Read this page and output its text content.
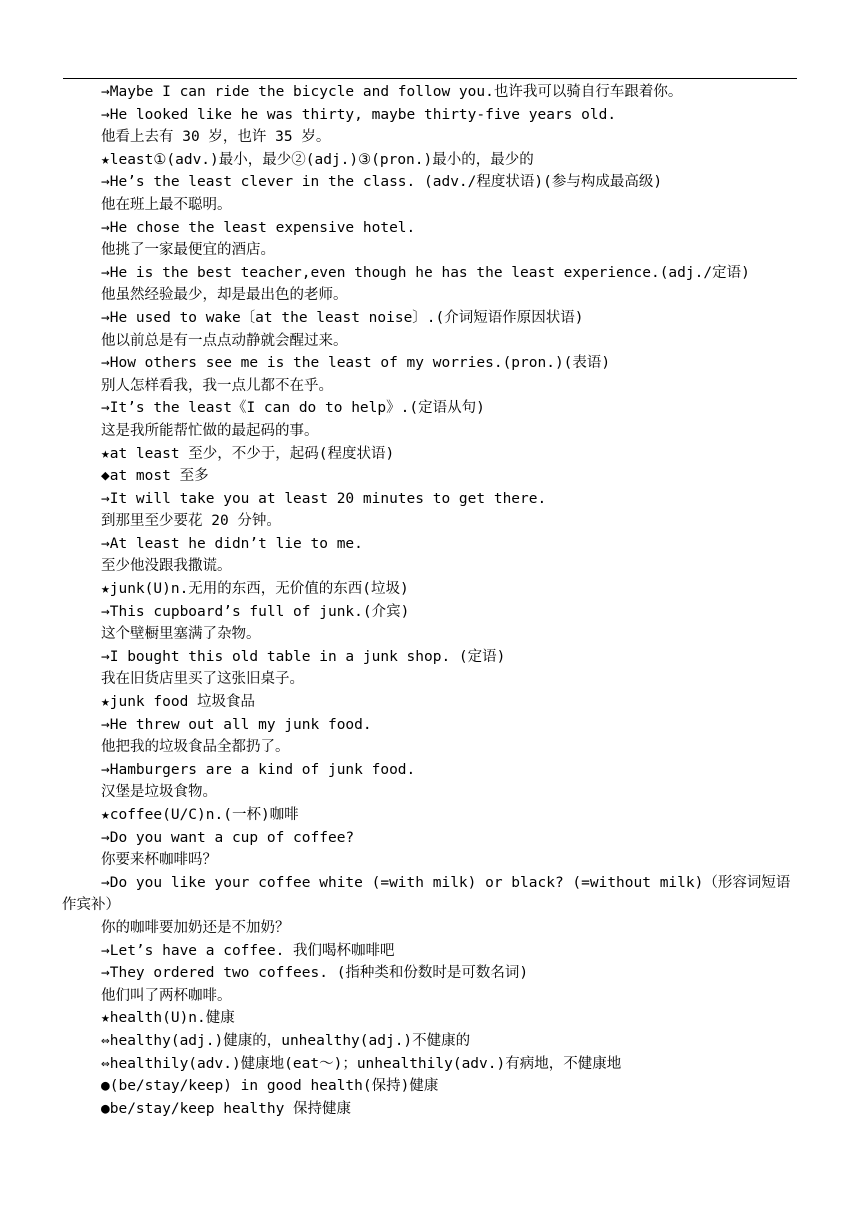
→Maybe I can ride the bicycle and follow you.也许我可以骑自行车跟着你。
→He looked like he was thirty, maybe thirty-five years old.
他看上去有 30 岁，也许 35 岁。
★least①(adv.)最小，最少②(adj.)③(pron.)最小的，最少的
→He’s the least clever in the class. (adv./程度状语)(参与构成最高级)
他在班上最不聪明。
→He chose the least expensive hotel.
他挑了一家最便宜的酒店。
→He is the best teacher,even though he has the least experience.(adj./定语)
他虽然经验最少，却是最出色的老师。
→He used to wake〔at the least noise〕.(介词短语作原因状语)
他以前总是有一点点动静就会醒过来。
→How others see me is the least of my worries.(pron.)(表语)
别人怎样看我，我一点儿都不在乎。
→It’s the least《I can do to help》.(定语从句)
这是我所能帮忙做的最起码的事。
★at least 至少，不少于，起码(程度状语)
◆at most 至多
→It will take you at least 20 minutes to get there.
到那里至少要花 20 分钟。
→At least he didn’t lie to me.
至少他没跟我撒谎。
★junk(U)n.无用的东西，无价值的东西(垃圾)
→This cupboard’s full of junk.(介宾)
这个壁橱里塞满了杂物。
→I bought this old table in a junk shop. (定语)
我在旧货店里买了这张旧桌子。
★junk food 垃圾食品
→He threw out all my junk food.
他把我的垃圾食品全都扔了。
→Hamburgers are a kind of junk food.
汉堡是垃圾食物。
★coffee(U/C)n.(一杯)咖啡
→Do you want a cup of coffee?
你要来杯咖啡吗？
→Do you like your coffee white (=with milk) or black? (=without milk)（形容词短语作宾补）
你的咖啡要加奶还是不加奶？
→Let’s have a coffee. 我们喝杯咖啡吧
→They ordered two coffees. (指种类和份数时是可数名词)
他们叫了两杯咖啡。
★health(U)n.健康
⇔healthy(adj.)健康的，unhealthy(adj.)不健康的
⇔healthily(adv.)健康地(eat～)；unhealthily(adv.)有病地，不健康地
●(be/stay/keep) in good health(保持)健康
●be/stay/keep healthy 保持健康
